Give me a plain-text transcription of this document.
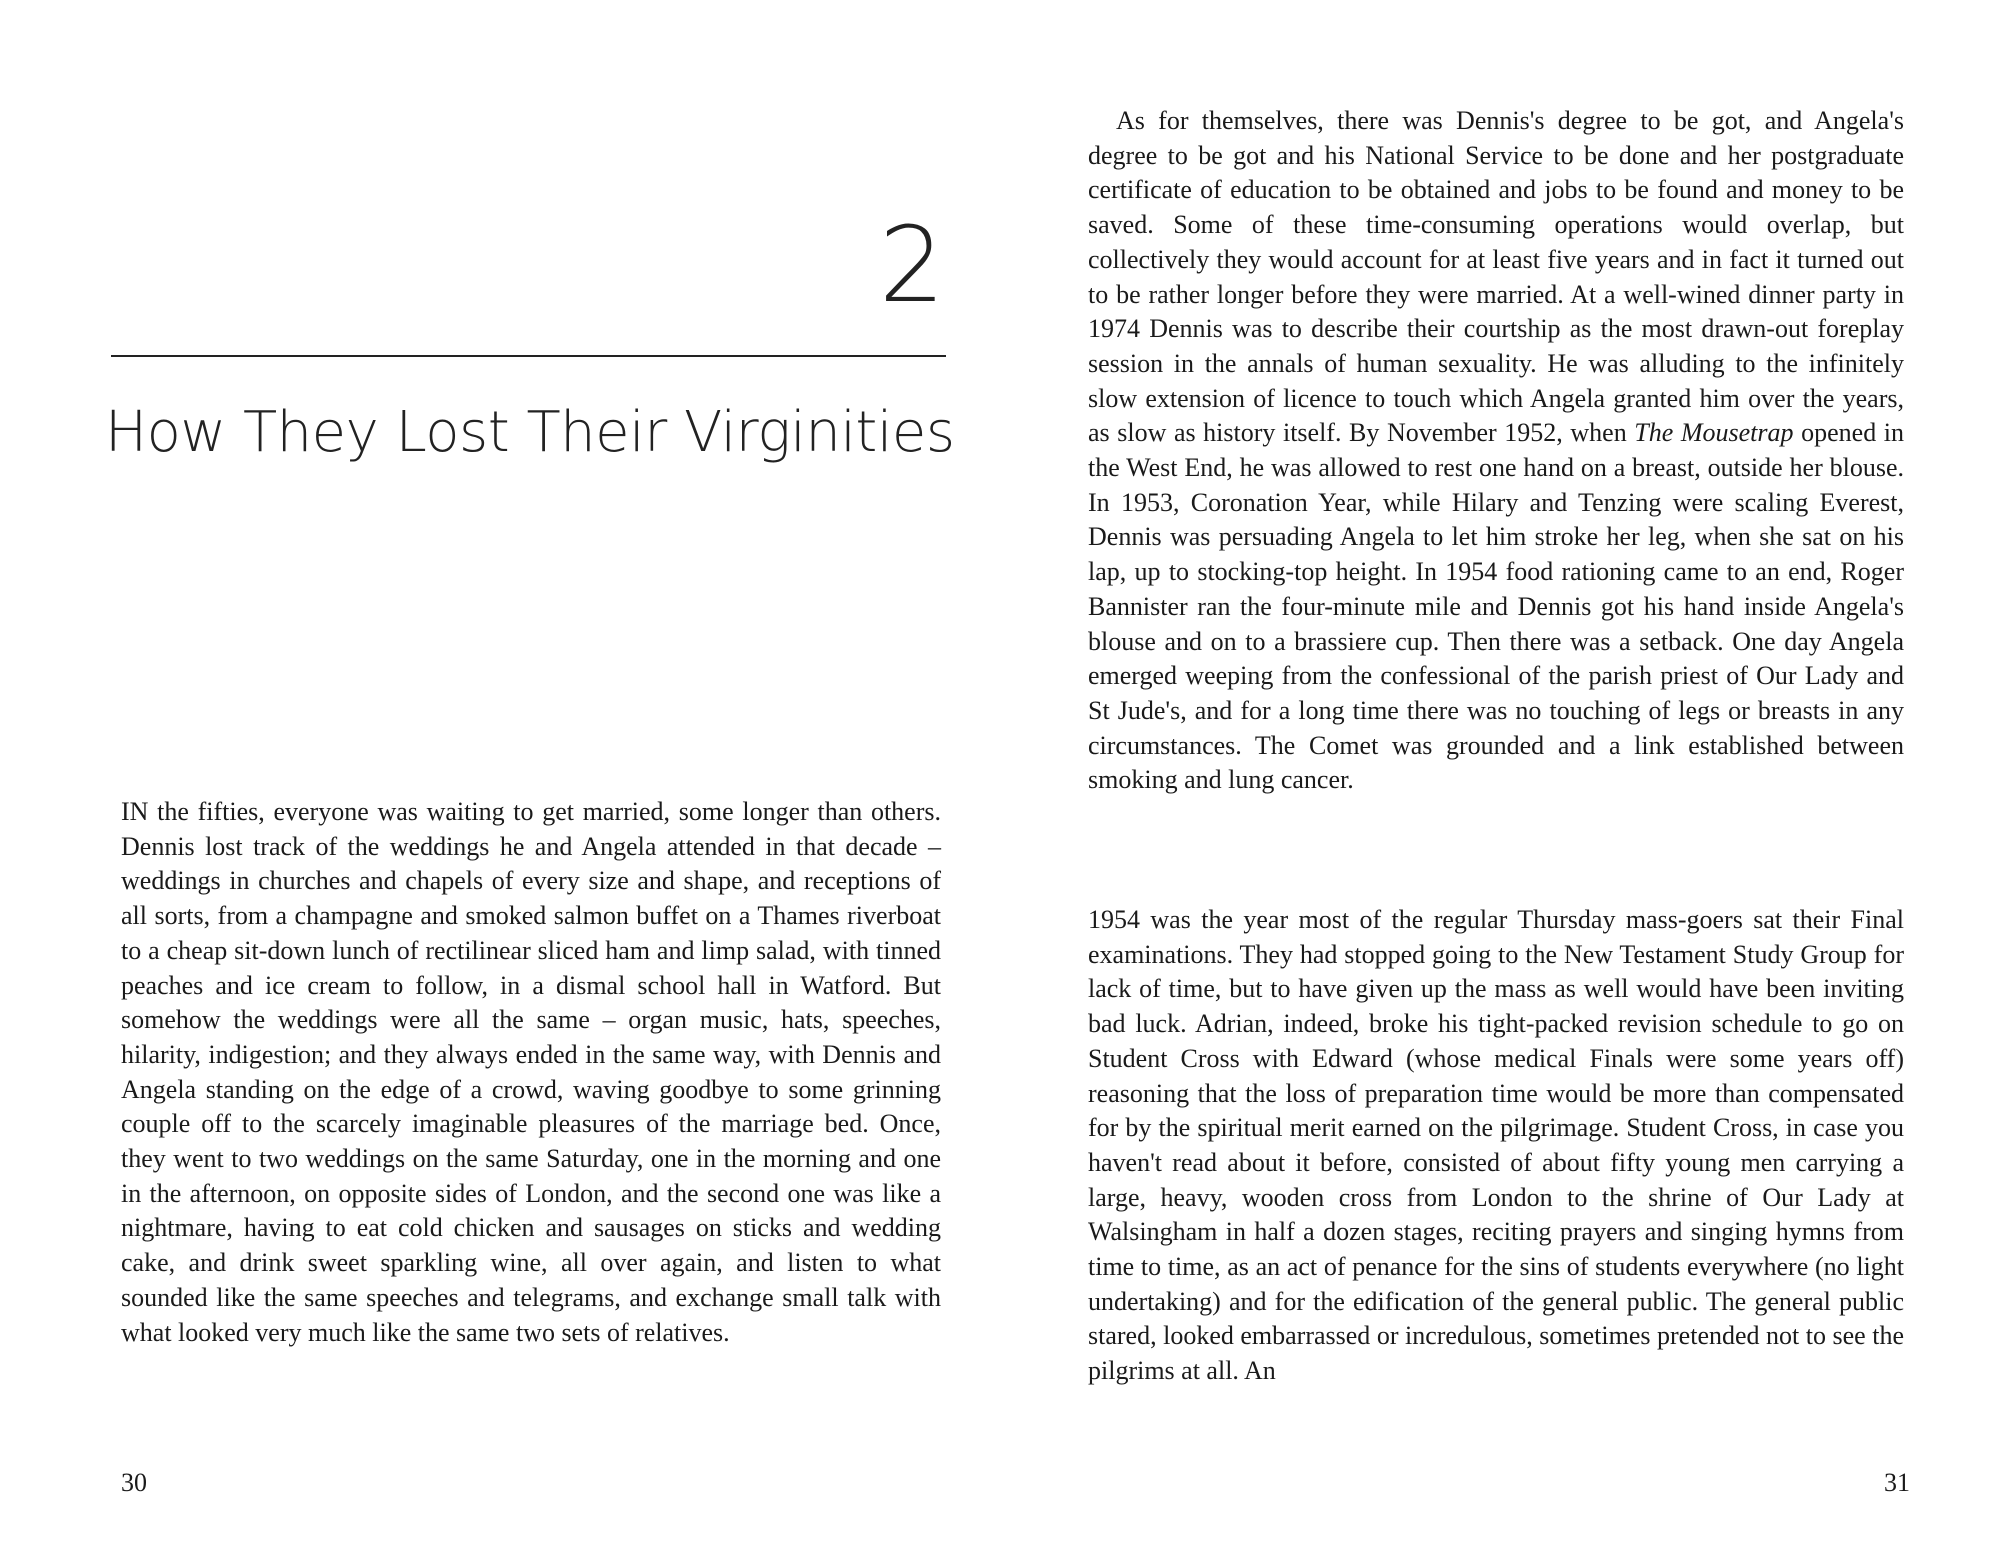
2
How They Lost Their Virginities

IN the fifties, everyone was waiting to get married, some longer than others. Dennis lost track of the weddings he and Angela attended in that decade – weddings in churches and chapels of every size and shape, and receptions of all sorts, from a champagne and smoked salmon buffet on a Thames riverboat to a cheap sit-down lunch of rectilinear sliced ham and limp salad, with tinned peaches and ice cream to follow, in a dismal school hall in Watford. But somehow the weddings were all the same – organ music, hats, speeches, hilarity, indigestion; and they always ended in the same way, with Dennis and Angela standing on the edge of a crowd, waving goodbye to some grinning couple off to the scarcely imaginable pleasures of the marriage bed. Once, they went to two weddings on the same Saturday, one in the morning and one in the afternoon, on opposite sides of London, and the second one was like a nightmare, having to eat cold chicken and sausages on sticks and wedding cake, and drink sweet sparkling wine, all over again, and listen to what sounded like the same speeches and telegrams, and exchange small talk with what looked very much like the same two sets of relatives.

30

As for themselves, there was Dennis's degree to be got, and Angela's degree to be got and his National Service to be done and her postgraduate certificate of education to be obtained and jobs to be found and money to be saved. Some of these time-consuming operations would overlap, but collectively they would account for at least five years and in fact it turned out to be rather longer before they were married. At a well-wined dinner party in 1974 Dennis was to describe their courtship as the most drawn-out foreplay session in the annals of human sexuality. He was alluding to the infinitely slow extension of licence to touch which Angela granted him over the years, as slow as history itself. By November 1952, when The Mousetrap opened in the West End, he was allowed to rest one hand on a breast, outside her blouse. In 1953, Coronation Year, while Hilary and Tenzing were scaling Everest, Dennis was persuading Angela to let him stroke her leg, when she sat on his lap, up to stocking-top height. In 1954 food rationing came to an end, Roger Bannister ran the four-minute mile and Dennis got his hand inside Angela's blouse and on to a brassiere cup. Then there was a setback. One day Angela emerged weeping from the confessional of the parish priest of Our Lady and St Jude's, and for a long time there was no touching of legs or breasts in any circumstances. The Comet was grounded and a link established between smoking and lung cancer.

1954 was the year most of the regular Thursday mass-goers sat their Final examinations. They had stopped going to the New Testament Study Group for lack of time, but to have given up the mass as well would have been inviting bad luck. Adrian, indeed, broke his tight-packed revision schedule to go on Student Cross with Edward (whose medical Finals were some years off) reasoning that the loss of preparation time would be more than compensated for by the spiritual merit earned on the pilgrimage. Student Cross, in case you haven't read about it before, consisted of about fifty young men carrying a large, heavy, wooden cross from London to the shrine of Our Lady at Walsingham in half a dozen stages, reciting prayers and singing hymns from time to time, as an act of penance for the sins of students everywhere (no light undertaking) and for the edification of the general public. The general public stared, looked embarrassed or incredulous, sometimes pretended not to see the pilgrims at all. An

31
